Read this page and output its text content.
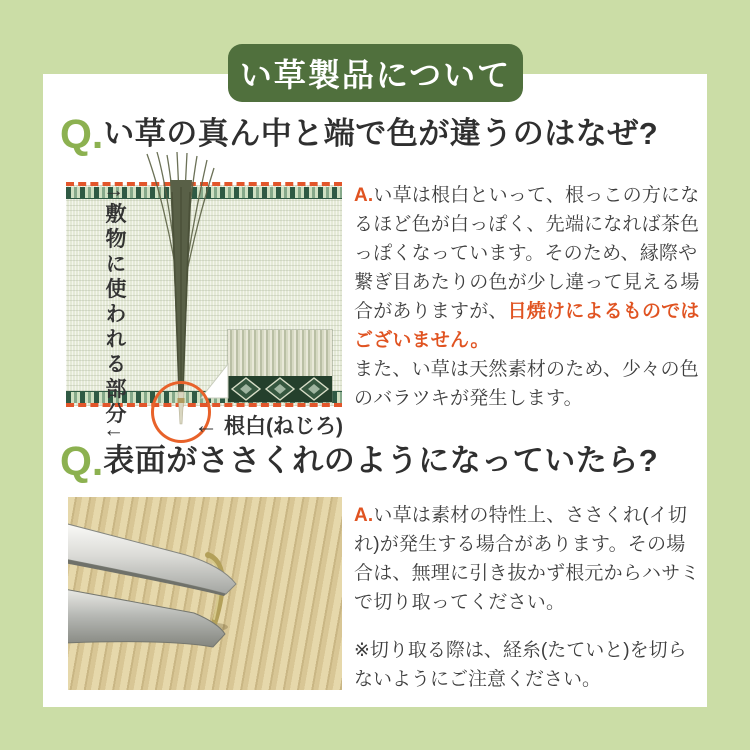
い草製品について
Q.い草の真ん中と端で色が違うのはなぜ?
↑敷物に使われる部分↓	← 根白(ねじろ)
A.い草は根白といって、根っこの方になるほど色が白っぽく、先端になれば茶色っぽくなっています。そのため、縁際や繋ぎ目あたりの色が少し違って見える場合がありますが、日焼けによるものではございません。
また、い草は天然素材のため、少々の色のバラツキが発生します。
Q.表面がささくれのようになっていたら?
A.い草は素材の特性上、ささくれ(イ切れ)が発生する場合があります。その場合は、無理に引き抜かず根元からハサミで切り取ってください。
※切り取る際は、経糸(たていと)を切らないようにご注意ください。
